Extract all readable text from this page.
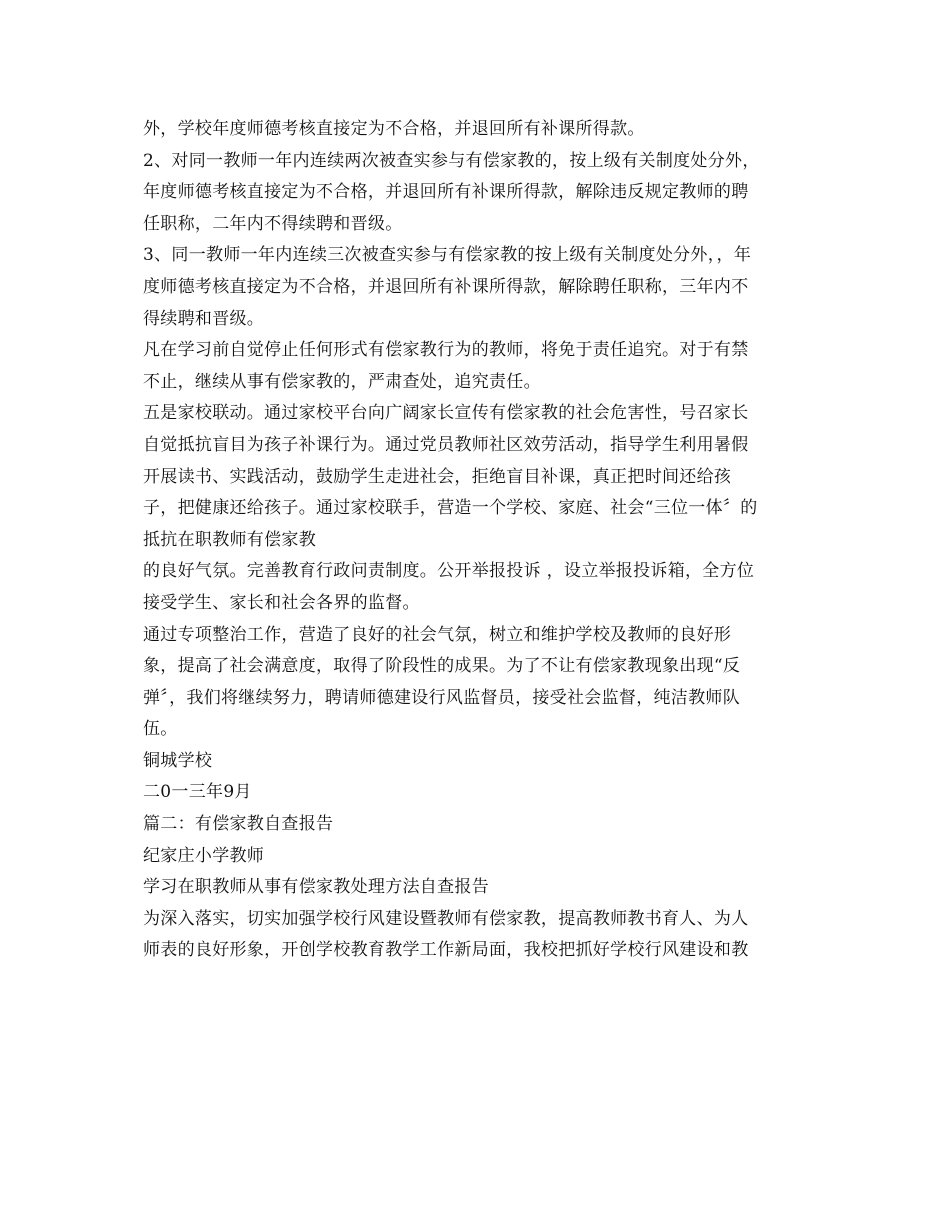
外，学校年度师德考核直接定为不合格，并退回所有补课所得款。
2、对同一教师一年内连续两次被查实参与有偿家教的，按上级有关制度处分外，
年度师德考核直接定为不合格，并退回所有补课所得款，解除违反规定教师的聘
任职称，二年内不得续聘和晋级。
3、同一教师一年内连续三次被查实参与有偿家教的按上级有关制度处分外，，年
度师德考核直接定为不合格，并退回所有补课所得款，解除聘任职称，三年内不
得续聘和晋级。
凡在学习前自觉停止任何形式有偿家教行为的教师，将免于责任追究。对于有禁
不止，继续从事有偿家教的，严肃查处，追究责任。
五是家校联动。通过家校平台向广阔家长宣传有偿家教的社会危害性，号召家长
自觉抵抗盲目为孩子补课行为。通过党员教师社区效劳活动，指导学生利用暑假
开展读书、实践活动，鼓励学生走进社会，拒绝盲目补课，真正把时间还给孩
子，把健康还给孩子。通过家校联手，营造一个学校、家庭、社会“三位一体〞的
抵抗在职教师有偿家教
的良好气氛。完善教育行政问责制度。公开举报投诉 ，设立举报投诉箱，全方位
接受学生、家长和社会各界的监督。
通过专项整治工作，营造了良好的社会气氛，树立和维护学校及教师的良好形
象，提高了社会满意度，取得了阶段性的成果。为了不让有偿家教现象出现“反
弹〞，我们将继续努力，聘请师德建设行风监督员，接受社会监督，纯洁教师队
伍。
铜城学校
二0一三年9月
篇二：有偿家教自查报告
纪家庄小学教师
学习在职教师从事有偿家教处理方法自查报告
为深入落实，切实加强学校行风建设暨教师有偿家教，提高教师教书育人、为人
师表的良好形象，开创学校教育教学工作新局面，我校把抓好学校行风建设和教
